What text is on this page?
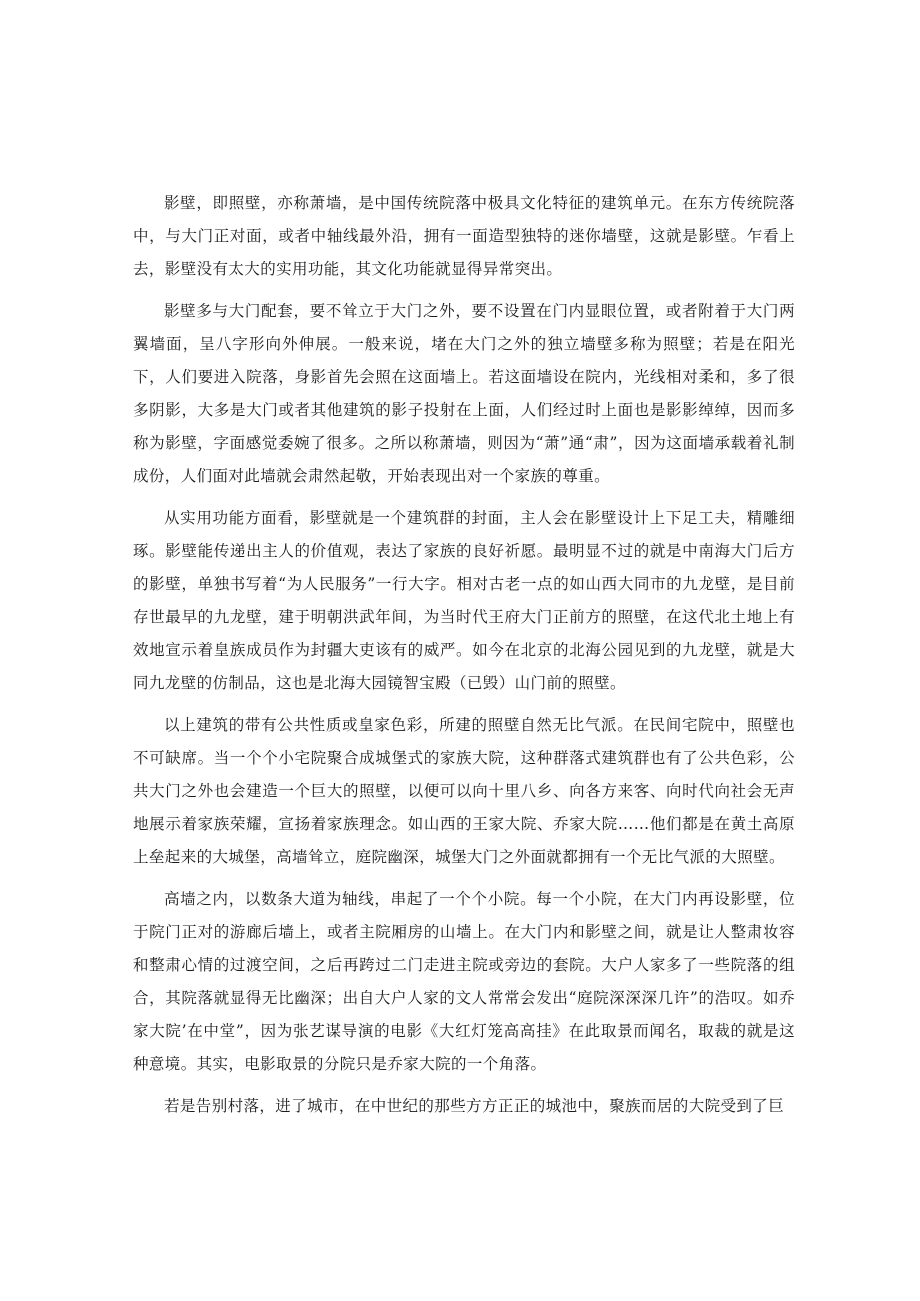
影壁，即照壁，亦称萧墙，是中国传统院落中极具文化特征的建筑单元。在东方传统院落中，与大门正对面，或者中轴线最外沿，拥有一面造型独特的迷你墙壁，这就是影壁。乍看上去，影壁没有太大的实用功能，其文化功能就显得异常突出。

影壁多与大门配套，要不耸立于大门之外，要不设置在门内显眼位置，或者附着于大门两翼墙面，呈八字形向外伸展。一般来说，堵在大门之外的独立墙壁多称为照壁；若是在阳光下，人们要进入院落，身影首先会照在这面墙上。若这面墙设在院内，光线相对柔和，多了很多阴影，大多是大门或者其他建筑的影子投射在上面，人们经过时上面也是影影绰绰，因而多称为影壁，字面感觉委婉了很多。之所以称萧墙，则因为“萧”通“肃”，因为这面墙承载着礼制成份，人们面对此墙就会肃然起敬，开始表现出对一个家族的尊重。

从实用功能方面看，影壁就是一个建筑群的封面，主人会在影壁设计上下足工夫，精雕细琢。影壁能传递出主人的价值观，表达了家族的良好祈愿。最明显不过的就是中南海大门后方的影壁，单独书写着“为人民服务”一行大字。相对古老一点的如山西大同市的九龙壁，是目前存世最早的九龙壁，建于明朝洪武年间，为当时代王府大门正前方的照壁，在这代北土地上有效地宣示着皇族成员作为封疆大吏该有的威严。如今在北京的北海公园见到的九龙壁，就是大同九龙壁的仿制品，这也是北海大园镜智宝殿（已毁）山门前的照壁。

以上建筑的带有公共性质或皇家色彩，所建的照壁自然无比气派。在民间宅院中，照壁也不可缺席。当一个个小宅院聚合成城堡式的家族大院，这种群落式建筑群也有了公共色彩，公共大门之外也会建造一个巨大的照壁，以便可以向十里八乡、向各方来客、向时代向社会无声地展示着家族荣耀，宣扬着家族理念。如山西的王家大院、乔家大院……他们都是在黄土高原上垒起来的大城堡，高墙耸立，庭院幽深，城堡大门之外面就都拥有一个无比气派的大照壁。

高墙之内，以数条大道为轴线，串起了一个个小院。每一个小院，在大门内再设影壁，位于院门正对的游廊后墙上，或者主院厢房的山墙上。在大门内和影壁之间，就是让人整肃妆容和整肃心情的过渡空间，之后再跨过二门走进主院或旁边的套院。大户人家多了一些院落的组合，其院落就显得无比幽深；出自大户人家的文人常常会发出“庭院深深深几许”的浩叹。如乔家大院’在中堂”，因为张艺谋导演的电影《大红灯笼高高挂》在此取景而闻名，取裁的就是这种意境。其实，电影取景的分院只是乔家大院的一个角落。

若是告别村落，进了城市，在中世纪的那些方方正正的城池中，聚族而居的大院受到了巨
